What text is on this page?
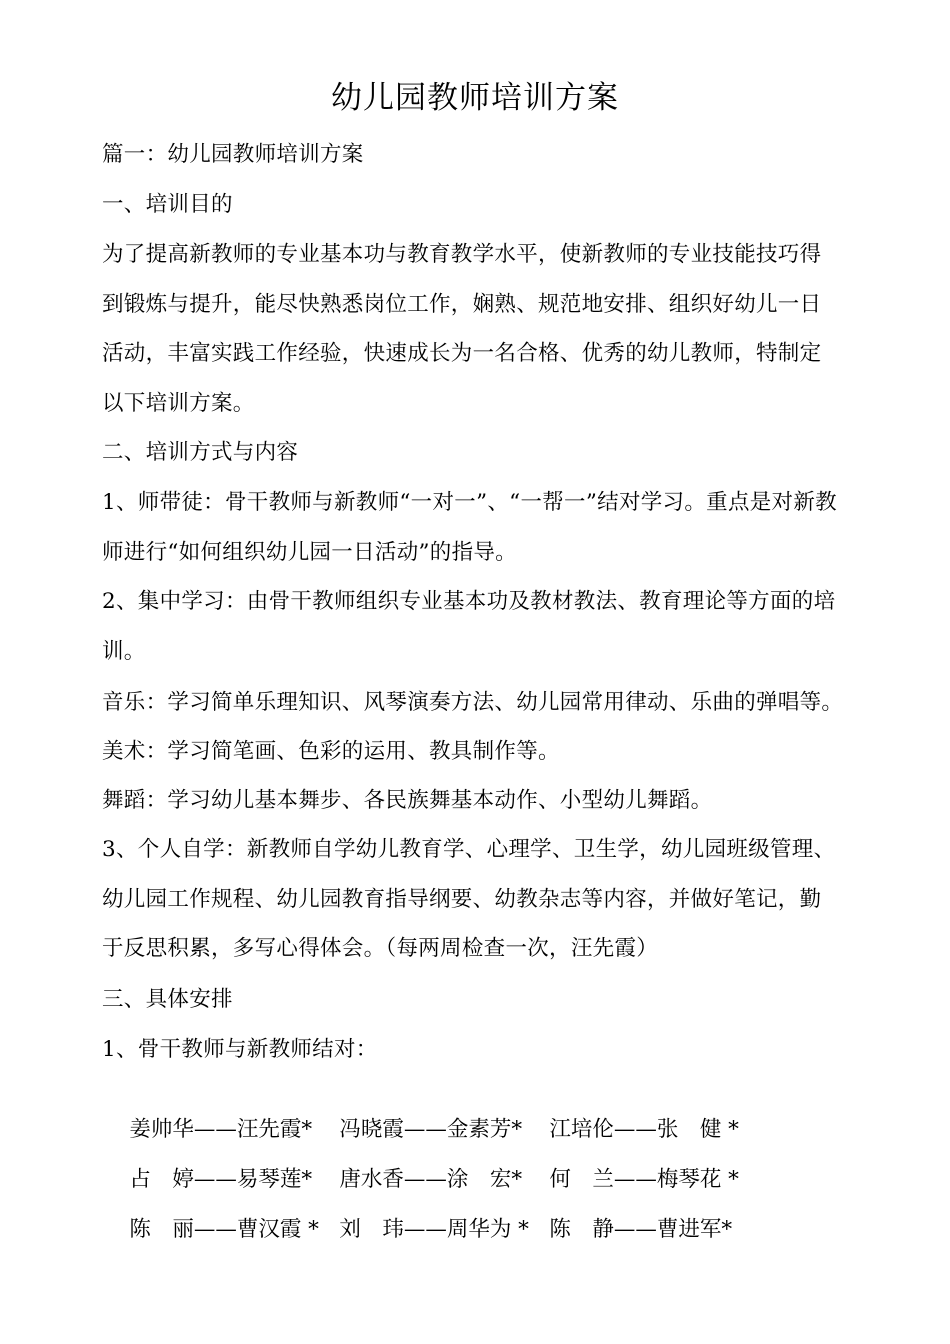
幼儿园教师培训方案
篇一：幼儿园教师培训方案
一、培训目的

为了提高新教师的专业基本功与教育教学水平，使新教师的专业技能技巧得到锻炼与提升，能尽快熟悉岗位工作，娴熟、规范地安排、组织好幼儿一日活动，丰富实践工作经验，快速成长为一名合格、优秀的幼儿教师，特制定以下培训方案。

二、培训方式与内容

1、师带徒：骨干教师与新教师“一对一”、“一帮一”结对学习。重点是对新教师进行“如何组织幼儿园一日活动”的指导。

2、集中学习：由骨干教师组织专业基本功及教材教法、教育理论等方面的培训。

音乐：学习简单乐理知识、风琴演奏方法、幼儿园常用律动、乐曲的弹唱等。
美术：学习简笔画、色彩的运用、教具制作等。
舞蹈：学习幼儿基本舞步、各民族舞基本动作、小型幼儿舞蹈。

3、个人自学：新教师自学幼儿教育学、心理学、卫生学，幼儿园班级管理、幼儿园工作规程、幼儿园教育指导纲要、幼教杂志等内容，并做好笔记，勤于反思积累，多写心得体会。（每两周检查一次，汪先霞）

三、具体安排
1、骨干教师与新教师结对：

姜帅华——汪先霞* 冯晓霞——金素芳* 江培伦——张　健 *

占　婷——易琴莲* 唐水香——涂　宏* 何　兰——梅琴花 *

陈　丽——曹汉霞 * 刘　玮——周华为 * 陈　静——曹进军*
